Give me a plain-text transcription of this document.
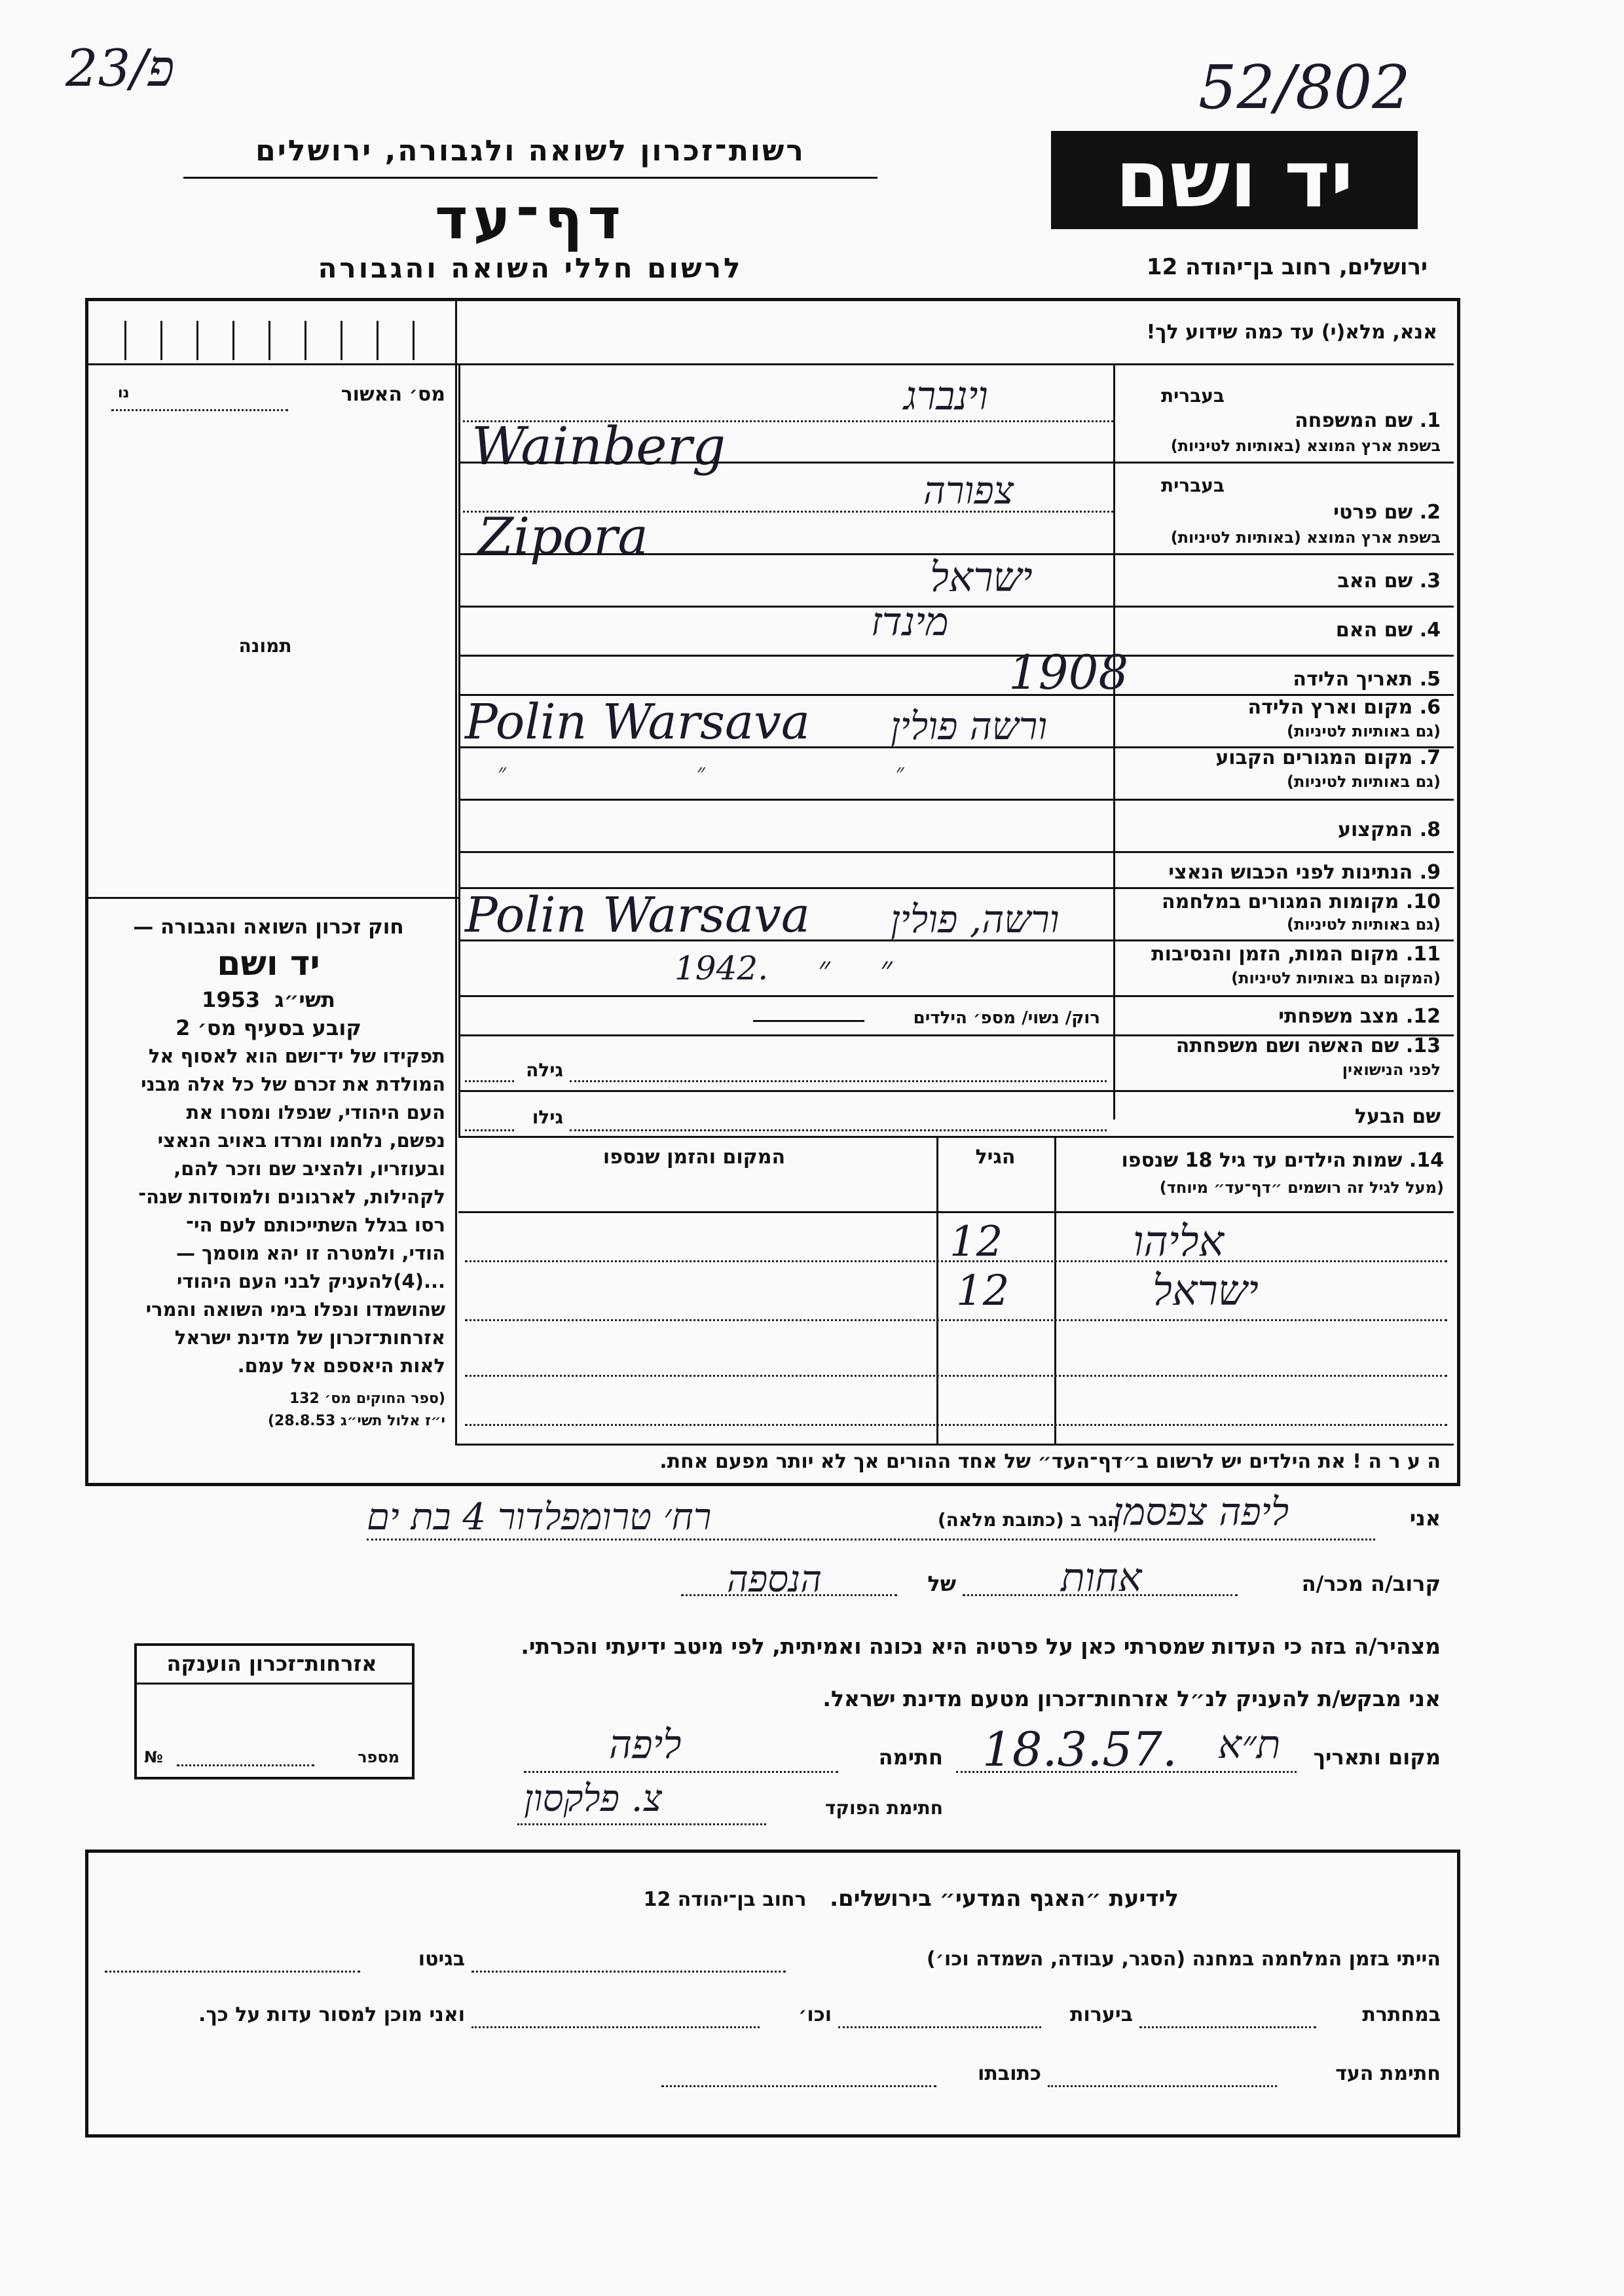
23/פ	52/802
רשות־זכרון לשואה ולגבורה, ירושלים
דף־עד
לרשום חללי השואה והגבורה
יד ושם
ירושלים, רחוב בן־יהודה 12
אנא, מלא(י) עד כמה שידוע לך!
מס׳ האשור
נו
תמונה
חוק זכרון השואה והגבורה —
יד ושם
תשי״ג  1953
קובע בסעיף מס׳ 2
תפקידו של יד־ושם הוא לאסוף אל
המולדת את זכרם של כל אלה מבני
העם היהודי, שנפלו ומסרו את
נפשם, נלחמו ומרדו באויב הנאצי
ובעוזריו, ולהציב שם וזכר להם,
לקהילות, לארגונים ולמוסדות שנה־
רסו בגלל השתייכותם לעם הי־
הודי, ולמטרה זו יהא מוסמך —
...(4)להעניק לבני העם היהודי
שהושמדו ונפלו בימי השואה והמרי
אזרחות־זכרון של מדינת ישראל
לאות היאספם אל עמם.
(ספר החוקים מס׳ 132
י״ז אלול תשי״ג 28.8.53)
בעברית
1. שם המשפחה
בשפת ארץ המוצא (באותיות לטיניות)
וינברג
Wainberg
בעברית
2. שם פרטי
בשפת ארץ המוצא (באותיות לטיניות)
צפורה
Zipora
3. שם האב
ישראל
4. שם האם
מינדז
5. תאריך הלידה
1908
6. מקום וארץ הלידה
(גם באותיות לטיניות)
Polin Warsava ורשה פולין
7. מקום המגורים הקבוע
(גם באותיות לטיניות)
״ ״ ״
8. המקצוע
9. הנתינות לפני הכבוש הנאצי
10. מקומות המגורים במלחמה
(גם באותיות לטיניות)
Polin Warsava ורשה, פולין
11. מקום המות, הזמן והנסיבות
(המקום גם באותיות לטיניות)
1942. ״ ״
12. מצב משפחתי
רוק/ נשוי/ מספ׳ הילדים
13. שם האשה ושם משפחתה
לפני הנישואין
גילה
שם הבעל
גילו
14. שמות הילדים עד גיל 18 שנספו
(מעל לגיל זה רושמים ״דף־עד״ מיוחד)
הגיל
המקום והזמן שנספו
אליהו
12
ישראל
12
ה ע ר ה ! את הילדים יש לרשום ב״דף־העד״ של אחד ההורים אך לא יותר מפעם אחת.
אני
ליפה צפסמן
הגר ב (כתובת מלאה)
רח׳ טרומפלדור 4 בת ים
קרוב/ה מכר/ה
אחות
של
הנספה
מצהיר/ה בזה כי העדות שמסרתי כאן על פרטיה היא נכונה ואמיתית, לפי מיטב ידיעתי והכרתי.
אני מבקש/ת להעניק לנ״ל אזרחות־זכרון מטעם מדינת ישראל.
אזרחות־זכרון הוענקה
מספר
№	מקום ותאריך
ת״א
18.3.57.
חתימה
ליפה
חתימת הפוקד
צ. פלקסון
לידיעת ״האגף המדעי״ בירושלים.   רחוב בן־יהודה 12
הייתי בזמן המלחמה במחנה (הסגר, עבודה, השמדה וכו׳)
בגיטו
במחתרת
ביערות
וכו׳
ואני מוכן למסור עדות על כך.
חתימת העד
כתובתו
